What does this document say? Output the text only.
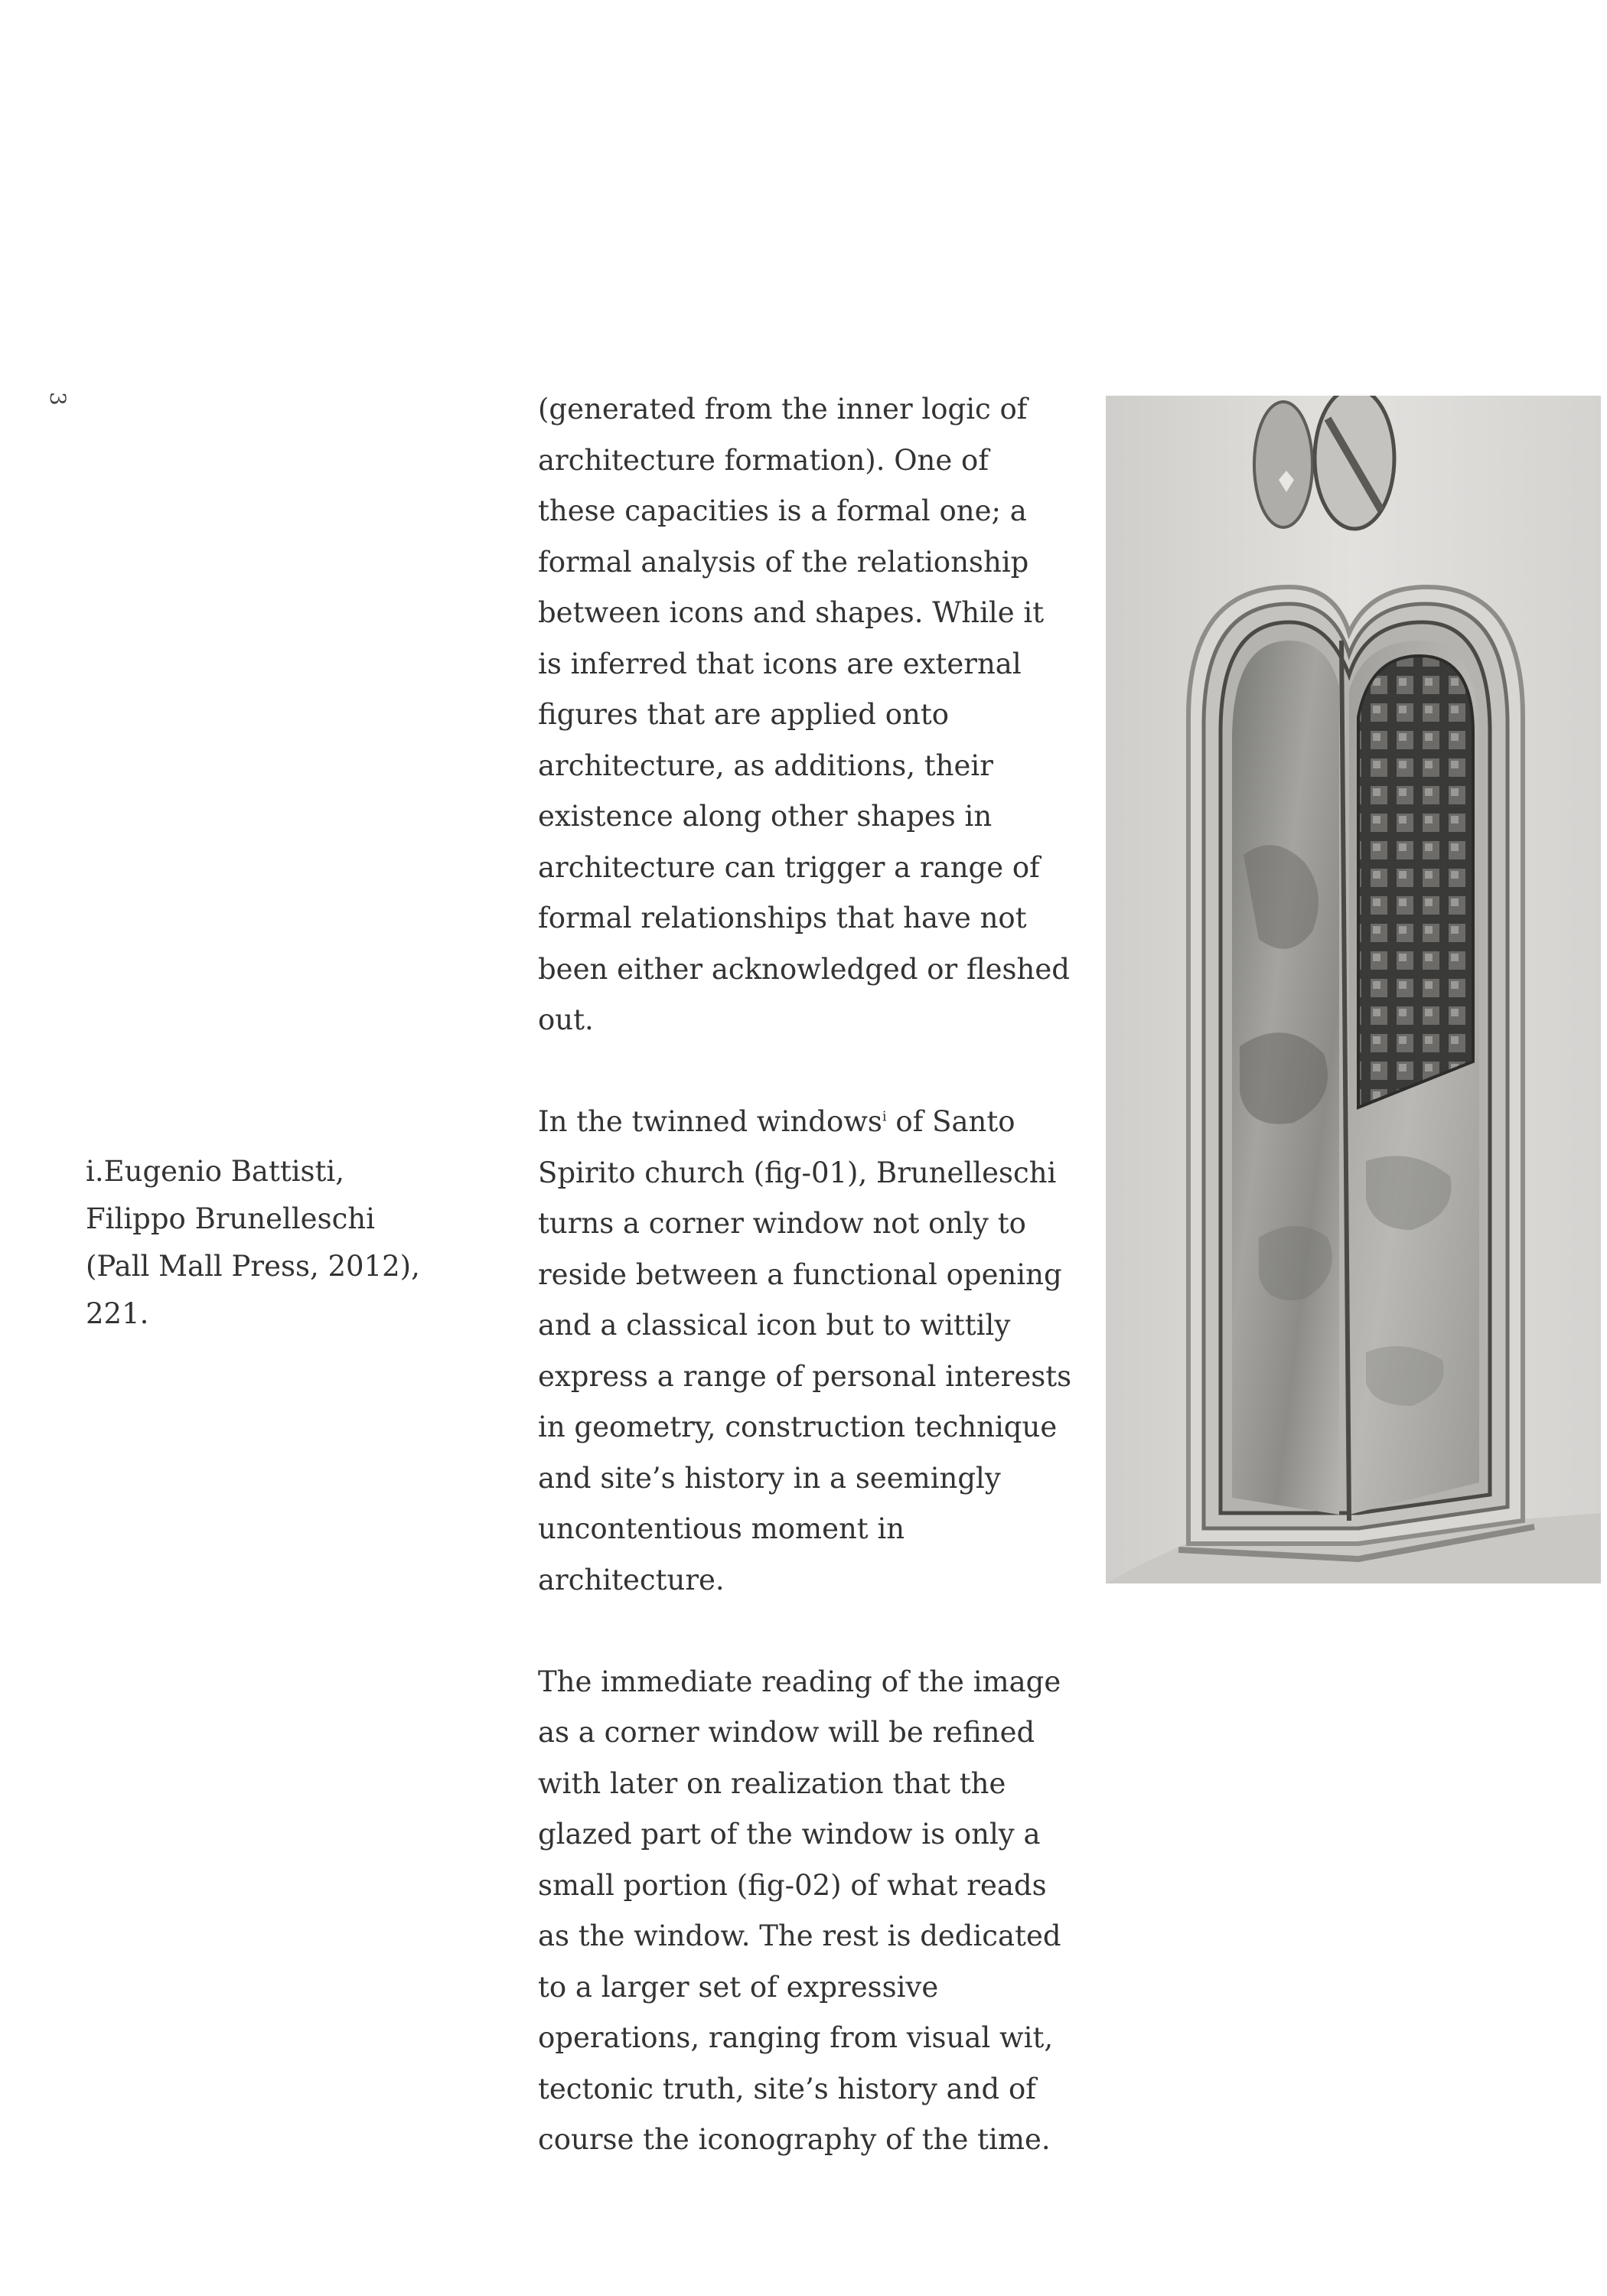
3

i.Eugenio Battisti, Filippo Brunelleschi (Pall Mall Press, 2012), 221.

(generated from the inner logic of architecture formation). One of these capacities is a formal one; a formal analysis of the relationship between icons and shapes. While it is inferred that icons are external figures that are applied onto architecture, as additions, their existence along other shapes in architecture can trigger a range of formal relationships that have not been either acknowledged or fleshed out.

In the twinned windows$^i$ of Santo Spirito church (fig-01), Brunelleschi turns a corner window not only to reside between a functional opening and a classical icon but to wittily express a range of personal interests in geometry, construction technique and site’s history in a seemingly uncontentious moment in architecture.

The immediate reading of the image as a corner window will be refined with later on realization that the glazed part of the window is only a small portion (fig-02) of what reads as the window. The rest is dedicated to a larger set of expressive operations, ranging from visual wit, tectonic truth, site’s history and of course the iconography of the time.
